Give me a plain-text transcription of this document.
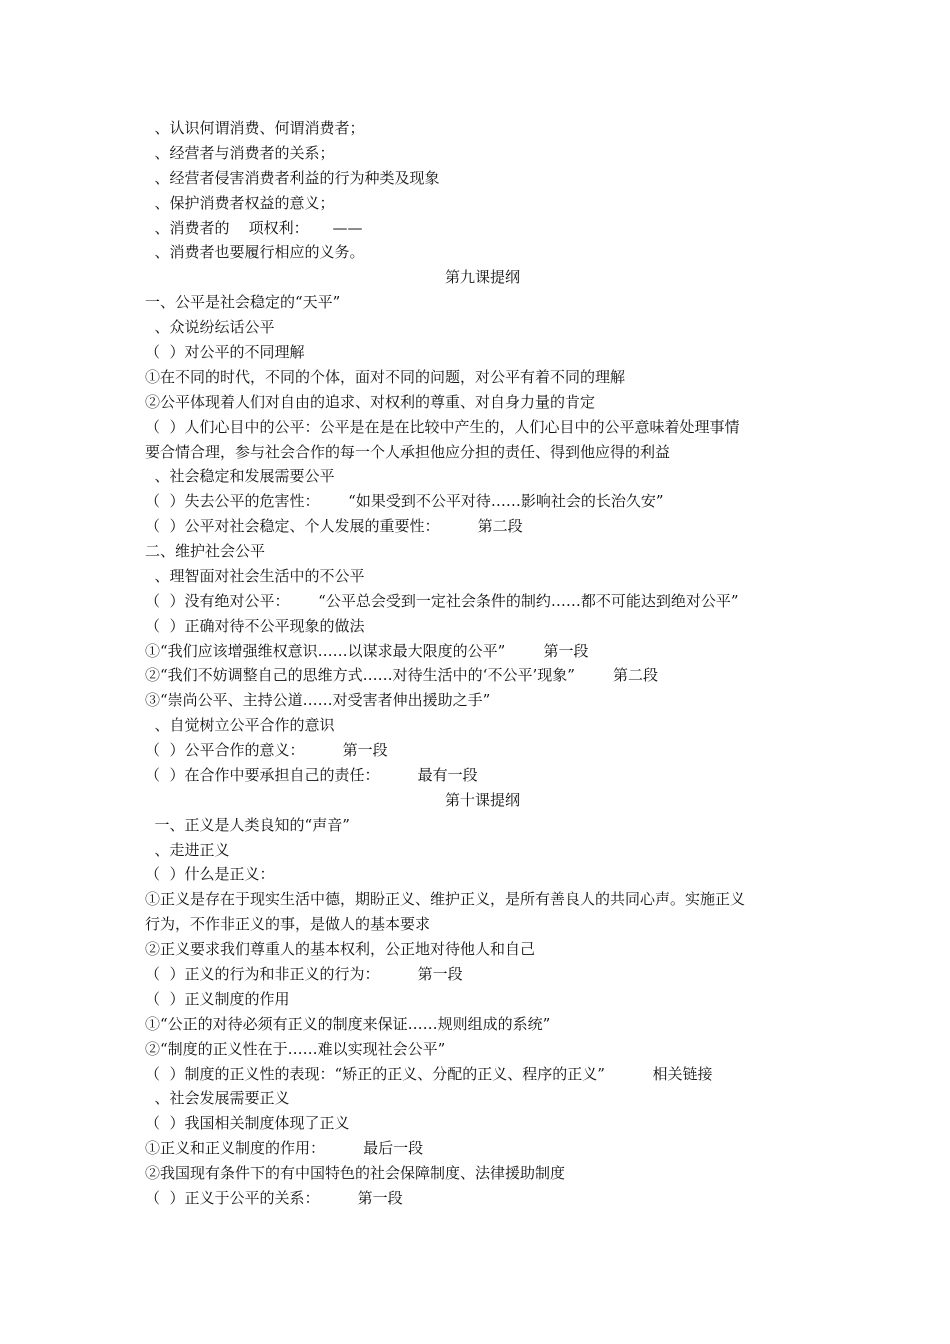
、认识何谓消费、何谓消费者；
、经营者与消费者的关系；
、经营者侵害消费者利益的行为种类及现象
、保护消费者权益的意义；
、消费者的    项权利：     ——
、消费者也要履行相应的义务。
第九课提纲
一、公平是社会稳定的“天平”
、众说纷纭话公平
（  ）对公平的不同理解
①在不同的时代，不同的个体，面对不同的问题，对公平有着不同的理解
②公平体现着人们对自由的追求、对权利的尊重、对自身力量的肯定
（  ）人们心目中的公平：公平是在是在比较中产生的，人们心目中的公平意味着处理事情
要合情合理，参与社会合作的每一个人承担他应分担的责任、得到他应得的利益
、社会稳定和发展需要公平
（  ）失去公平的危害性：      “如果受到不公平对待……影响社会的长治久安”
（  ）公平对社会稳定、个人发展的重要性：        第二段
二、维护社会公平
、理智面对社会生活中的不公平
（  ）没有绝对公平：      “公平总会受到一定社会条件的制约……都不可能达到绝对公平”
（  ）正确对待不公平现象的做法
①“我们应该增强维权意识……以谋求最大限度的公平”        第一段
②“我们不妨调整自己的思维方式……对待生活中的‘不公平’现象”        第二段
③“崇尚公平、主持公道……对受害者伸出援助之手”
、自觉树立公平合作的意识
（  ）公平合作的意义：        第一段
（  ）在合作中要承担自己的责任：        最有一段
第十课提纲
一、正义是人类良知的“声音”
、走进正义
（  ）什么是正义：
①正义是存在于现实生活中德，期盼正义、维护正义，是所有善良人的共同心声。实施正义
行为，不作非正义的事，是做人的基本要求
②正义要求我们尊重人的基本权利，公正地对待他人和自己
（  ）正义的行为和非正义的行为：        第一段
（  ）正义制度的作用
①“公正的对待必须有正义的制度来保证……规则组成的系统”
②“制度的正义性在于……难以实现社会公平”
（  ）制度的正义性的表现：“矫正的正义、分配的正义、程序的正义”          相关链接
、社会发展需要正义
（  ）我国相关制度体现了正义
①正义和正义制度的作用：        最后一段
②我国现有条件下的有中国特色的社会保障制度、法律援助制度
（  ）正义于公平的关系：        第一段
